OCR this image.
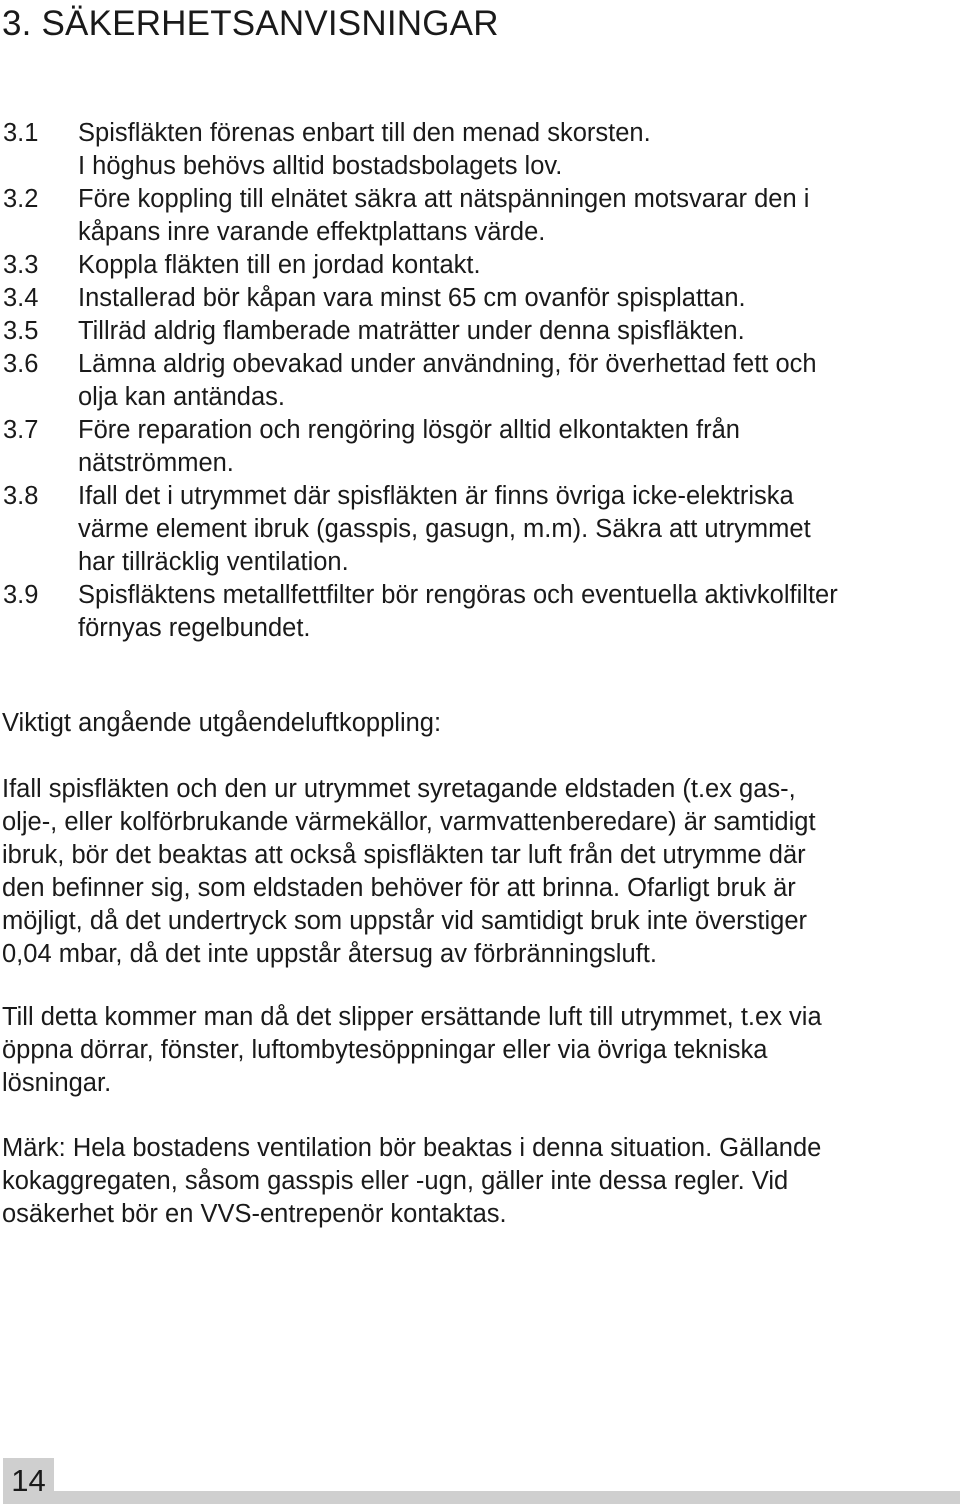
3. SÄKERHETSANVISNINGAR
3.1	Spisfläkten förenas enbart till den menad skorsten.
I höghus behövs alltid bostadsbolagets lov.
3.2	Före koppling till elnätet säkra att nätspänningen motsvarar den i
kåpans inre varande effektplattans värde.
3.3	Koppla fläkten till en jordad kontakt.
3.4	Installerad bör kåpan vara minst 65 cm ovanför spisplattan.
3.5	Tillräd aldrig flamberade maträtter under denna spisfläkten.
3.6	Lämna aldrig obevakad under användning, för överhettad fett och
olja kan antändas.
3.7	Före reparation och rengöring lösgör alltid elkontakten från
nätströmmen.
3.8	Ifall det i utrymmet där spisfläkten är finns övriga icke-elektriska
värme element ibruk (gasspis, gasugn, m.m). Säkra att utrymmet
har tillräcklig ventilation.
3.9	Spisfläktens metallfettfilter bör rengöras och eventuella aktivkolfilter
förnyas regelbundet.

Viktigt angående utgåendeluftkoppling:

Ifall spisfläkten och den ur utrymmet syretagande eldstaden (t.ex gas-,
olje-, eller kolförbrukande värmekällor, varmvattenberedare) är samtidigt
ibruk, bör det beaktas att också spisfläkten tar luft från det utrymme där
den befinner sig, som eldstaden behöver för att brinna. Ofarligt bruk är
möjligt, då det undertryck som uppstår vid samtidigt bruk inte överstiger
0,04 mbar, då det inte uppstår återsug av förbränningsluft.

Till detta kommer man då det slipper ersättande luft till utrymmet, t.ex via
öppna dörrar, fönster, luftombytesöppningar eller via övriga tekniska
lösningar.

Märk: Hela bostadens ventilation bör beaktas i denna situation. Gällande
kokaggregaten, såsom gasspis eller -ugn, gäller inte dessa regler. Vid
osäkerhet bör en VVS-entrepenör kontaktas.

14
